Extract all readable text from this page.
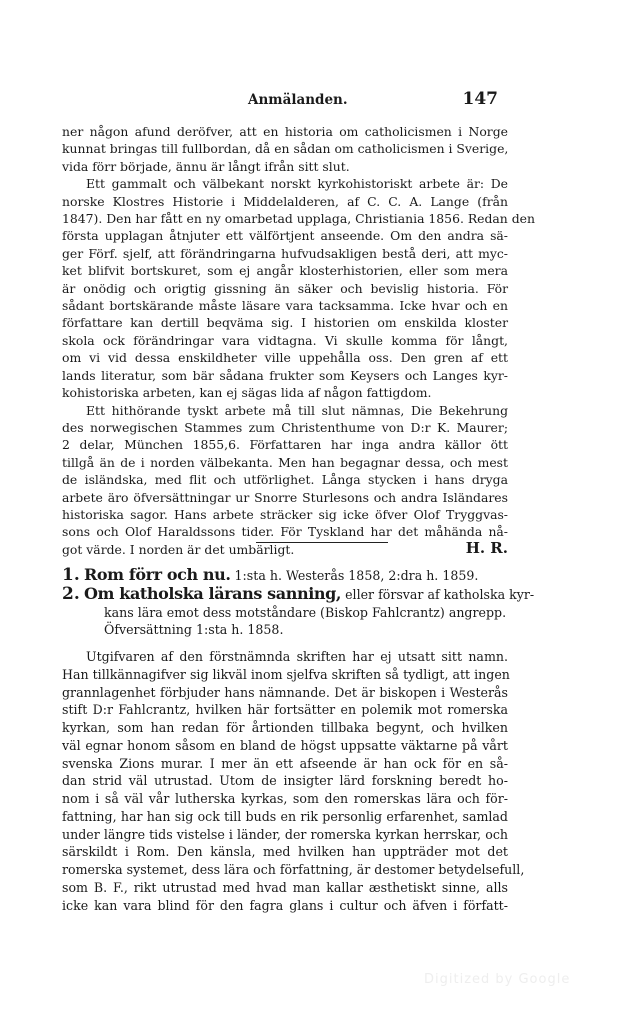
Anmälanden.	147
ner någon afund deröfver, att en historia om catholicismen i Norge
kunnat bringas till fullbordan, då en sådan om catholicismen i Sverige,
vida förr började, ännu är långt ifrån sitt slut.
Ett gammalt och välbekant norskt kyrkohistoriskt arbete är: De
norske Klostres Historie i Middelalderen, af C. C. A. Lange (från
1847). Den har fått en ny omarbetad upplaga, Christiania 1856. Redan den
första upplagan åtnjuter ett välförtjent anseende. Om den andra sä-
ger Förf. sjelf, att förändringarna hufvudsakligen bestå deri, att myc-
ket blifvit bortskuret, som ej angår klosterhistorien, eller som mera
är onödig och origtig gissning än säker och bevislig historia. För
sådant bortskärande måste läsare vara tacksamma. Icke hvar och en
författare kan dertill beqväma sig. I historien om enskilda kloster
skola ock förändringar vara vidtagna. Vi skulle komma för långt,
om vi vid dessa enskildheter ville uppehålla oss. Den gren af ett
lands literatur, som bär sådana frukter som Keysers och Langes kyr-
kohistoriska arbeten, kan ej sägas lida af någon fattigdom.
Ett hithörande tyskt arbete må till slut nämnas, Die Bekehrung
des norwegischen Stammes zum Christenthume von D:r K. Maurer;
2 delar, München 1855,6. Författaren har inga andra källor ött
tillgå än de i norden välbekanta. Men han begagnar dessa, och mest
de isländska, med flit och utförlighet. Långa stycken i hans dryga
arbete äro öfversättningar ur Snorre Sturlesons och andra Isländares
historiska sagor. Hans arbete sträcker sig icke öfver Olof Tryggvas-
sons och Olof Haraldssons tider. För Tyskland har det måhända nå-
got värde. I norden är det umbärligt.	H. R.
1. Rom förr och nu. 1:sta h. Westerås 1858, 2:dra h. 1859.
2. Om katholska lärans sanning, eller försvar af katholska kyr-
kans lära emot dess motståndare (Biskop Fahlcrantz) angrepp.
Öfversättning 1:sta h. 1858.
Utgifvaren af den förstnämnda skriften har ej utsatt sitt namn.
Han tillkännagifver sig likväl inom sjelfva skriften så tydligt, att ingen
grannlagenhet förbjuder hans nämnande. Det är biskopen i Westerås
stift D:r Fahlcrantz, hvilken här fortsätter en polemik mot romerska
kyrkan, som han redan för årtionden tillbaka begynt, och hvilken
väl egnar honom såsom en bland de högst uppsatte väktarne på vårt
svenska Zions murar. I mer än ett afseende är han ock för en så-
dan strid väl utrustad. Utom de insigter lärd forskning beredt ho-
nom i så väl vår lutherska kyrkas, som den romerskas lära och för-
fattning, har han sig ock till buds en rik personlig erfarenhet, samlad
under längre tids vistelse i länder, der romerska kyrkan herrskar, och
särskildt i Rom. Den känsla, med hvilken han uppträder mot det
romerska systemet, dess lära och författning, är destomer betydelsefull,
som B. F., rikt utrustad med hvad man kallar æsthetiskt sinne, alls
icke kan vara blind för den fagra glans i cultur och äfven i författ-
Digitized by Google
